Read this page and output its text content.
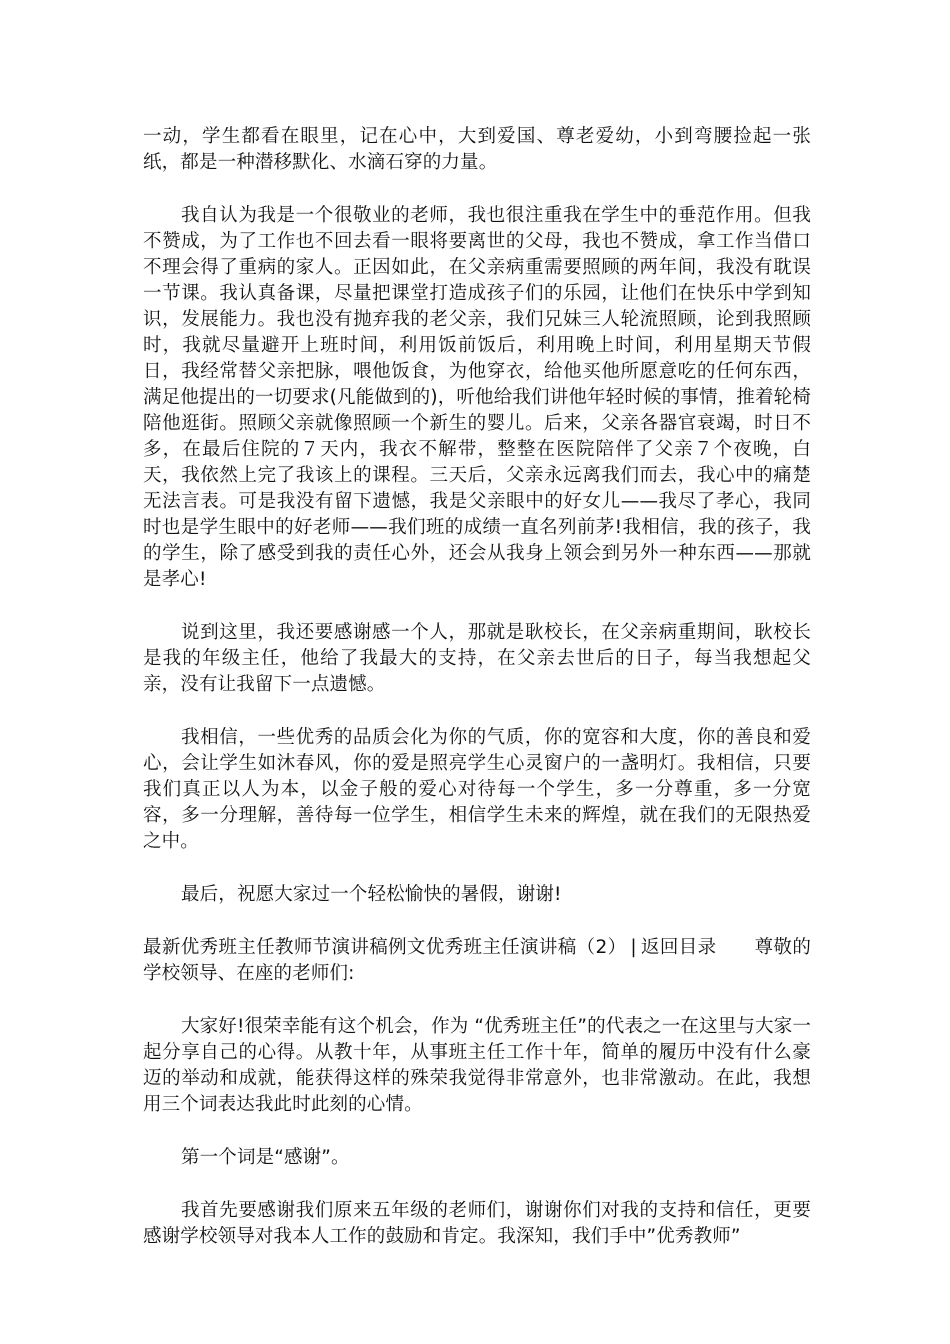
一动，学生都看在眼里，记在心中，大到爱国、尊老爱幼，小到弯腰捡起一张纸，都是一种潜移默化、水滴石穿的力量。

我自认为我是一个很敬业的老师，我也很注重我在学生中的垂范作用。但我不赞成，为了工作也不回去看一眼将要离世的父母，我也不赞成，拿工作当借口不理会得了重病的家人。正因如此，在父亲病重需要照顾的两年间，我没有耽误一节课。我认真备课，尽量把课堂打造成孩子们的乐园，让他们在快乐中学到知识，发展能力。我也没有抛弃我的老父亲，我们兄妹三人轮流照顾，论到我照顾时，我就尽量避开上班时间，利用饭前饭后，利用晚上时间，利用星期天节假日，我经常替父亲把脉，喂他饭食，为他穿衣，给他买他所愿意吃的任何东西，满足他提出的一切要求(凡能做到的)，听他给我们讲他年轻时候的事情，推着轮椅陪他逛街。照顾父亲就像照顾一个新生的婴儿。后来，父亲各器官衰竭，时日不多，在最后住院的７天内，我衣不解带，整整在医院陪伴了父亲７个夜晚，白天，我依然上完了我该上的课程。三天后，父亲永远离我们而去，我心中的痛楚无法言表。可是我没有留下遗憾，我是父亲眼中的好女儿——我尽了孝心，我同时也是学生眼中的好老师——我们班的成绩一直名列前茅!我相信，我的孩子，我的学生，除了感受到我的责任心外，还会从我身上领会到另外一种东西——那就是孝心!

说到这里，我还要感谢感一个人，那就是耿校长，在父亲病重期间，耿校长是我的年级主任，他给了我最大的支持，在父亲去世后的日子，每当我想起父亲，没有让我留下一点遗憾。

我相信，一些优秀的品质会化为你的气质，你的宽容和大度，你的善良和爱心，会让学生如沐春风，你的爱是照亮学生心灵窗户的一盏明灯。我相信，只要我们真正以人为本，以金子般的爱心对待每一个学生，多一分尊重，多一分宽容，多一分理解，善待每一位学生，相信学生未来的辉煌，就在我们的无限热爱之中。

最后，祝愿大家过一个轻松愉快的暑假，谢谢!

最新优秀班主任教师节演讲稿例文优秀班主任演讲稿（2） | 返回目录 尊敬的学校领导、在座的老师们:

大家好!很荣幸能有这个机会，作为 “优秀班主任”的代表之一在这里与大家一起分享自己的心得。从教十年，从事班主任工作十年，简单的履历中没有什么豪迈的举动和成就，能获得这样的殊荣我觉得非常意外，也非常激动。在此，我想用三个词表达我此时此刻的心情。

第一个词是“感谢”。

我首先要感谢我们原来五年级的老师们，谢谢你们对我的支持和信任，更要感谢学校领导对我本人工作的鼓励和肯定。我深知，我们手中”优秀教师”
